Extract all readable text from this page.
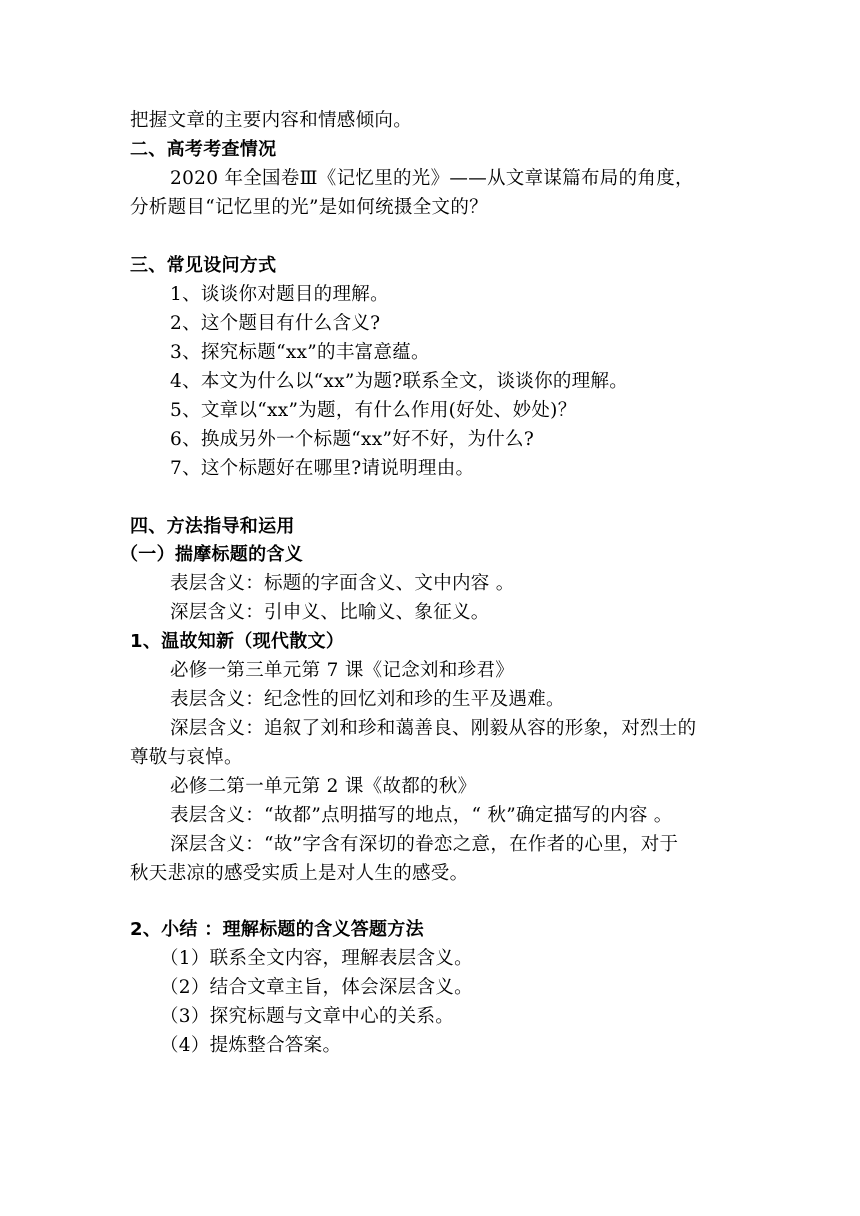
把握文章的主要内容和情感倾向。
二、高考考查情况
2020 年全国卷Ⅲ《记忆里的光》——从文章谋篇布局的角度，
分析题目“记忆里的光”是如何统摄全文的？
三、常见设问方式
1、谈谈你对题目的理解。
2、这个题目有什么含义?
3、探究标题“xx”的丰富意蕴。
4、本文为什么以“xx”为题?联系全文，谈谈你的理解。
5、文章以“xx”为题，有什么作用(好处、妙处)？
6、换成另外一个标题“xx”好不好，为什么?
7、这个标题好在哪里?请说明理由。
四、方法指导和运用
（一）揣摩标题的含义
表层含义：标题的字面含义、文中内容 。
深层含义：引申义、比喻义、象征义。
1、温故知新（现代散文）
必修一第三单元第 7 课《记念刘和珍君》
表层含义：纪念性的回忆刘和珍的生平及遇难。
深层含义：追叙了刘和珍和蔼善良、刚毅从容的形象，对烈士的
尊敬与哀悼。
必修二第一单元第 2 课《故都的秋》
表层含义：“故都”点明描写的地点，“ 秋”确定描写的内容 。
深层含义：“故”字含有深切的眷恋之意，在作者的心里，对于
秋天悲凉的感受实质上是对人生的感受。
2、小结 ：理解标题的含义答题方法
（1）联系全文内容，理解表层含义。
（2）结合文章主旨，体会深层含义。
（3）探究标题与文章中心的关系。
（4）提炼整合答案。
